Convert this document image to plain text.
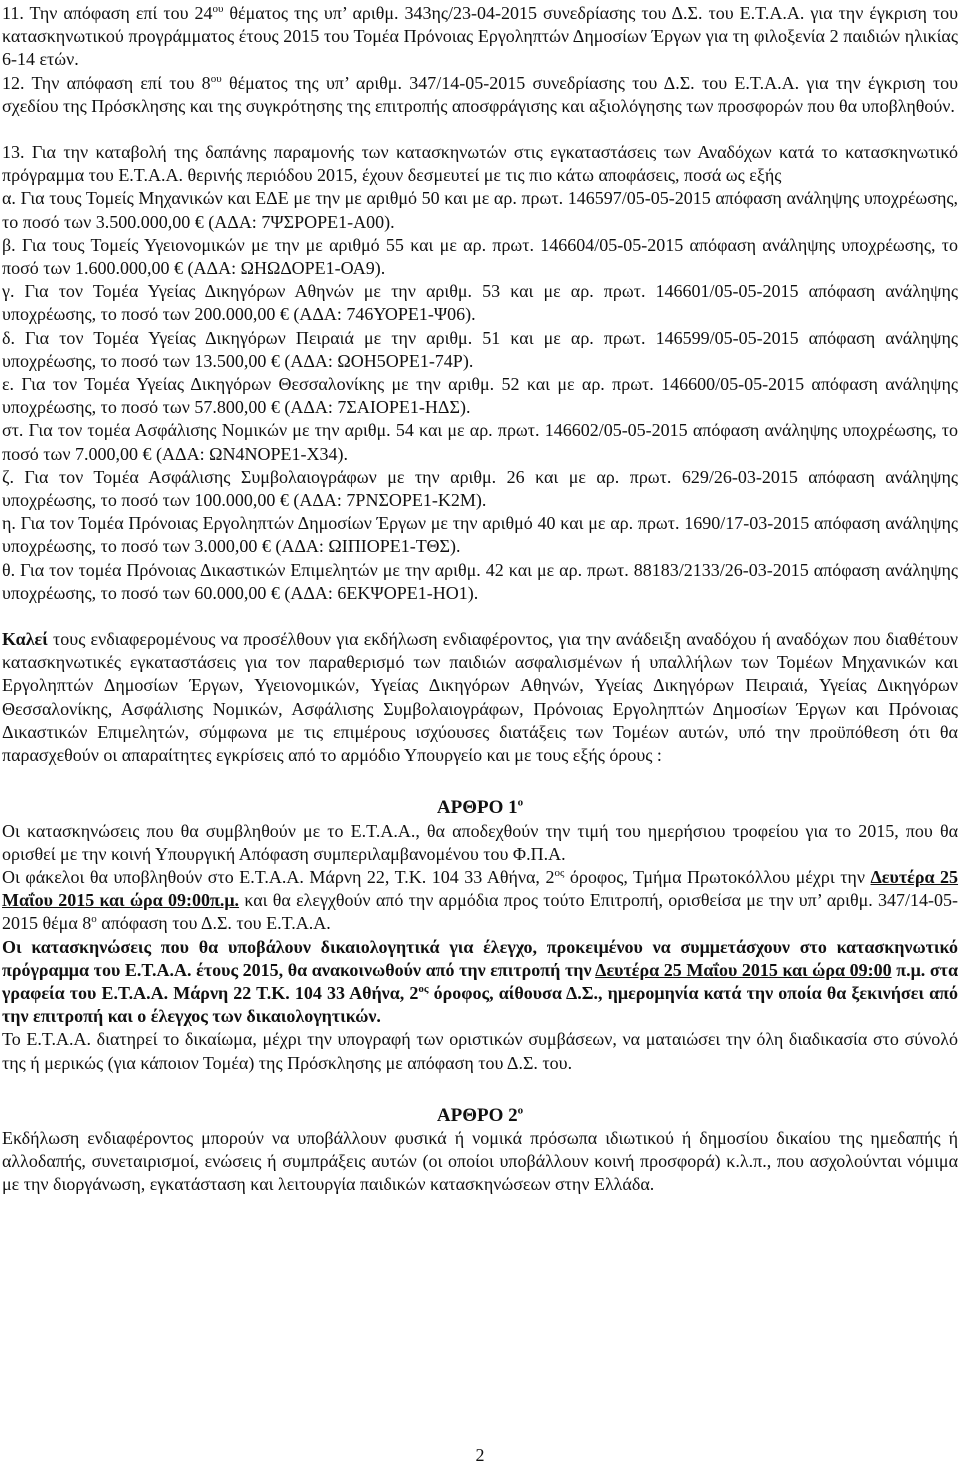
11. Την απόφαση επί του $24^{o\upsilon}$ θέματος της υπ’ αριθμ. 343ης/23-04-2015 συνεδρίασης του Δ.Σ. του Ε.Τ.Α.Α. για την έγκριση του κατασκηνωτικού προγράμματος έτους 2015 του Τομέα Πρόνοιας Εργοληπτών Δημοσίων Έργων για τη φιλοξενία 2 παιδιών ηλικίας 6-14 ετών.

12. Την απόφαση επί του $8^{o\upsilon}$ θέματος της υπ’ αριθμ. 347/14-05-2015 συνεδρίασης του Δ.Σ. του Ε.Τ.Α.Α. για την έγκριση του σχεδίου της Πρόσκλησης και της συγκρότησης της επιτροπής αποσφράγισης και αξιολόγησης των προσφορών που θα υποβληθούν.

13. Για την καταβολή της δαπάνης παραμονής των κατασκηνωτών στις εγκαταστάσεις των Αναδόχων κατά το κατασκηνωτικό πρόγραμμα του Ε.Τ.Α.Α. θερινής περιόδου 2015, έχουν δεσμευτεί με τις πιο κάτω αποφάσεις, ποσά ως εξής

α. Για τους Τομείς Μηχανικών και ΕΔΕ με την με αριθμό 50 και με αρ. πρωτ. 146597/05-05-2015 απόφαση ανάληψης υποχρέωσης, το ποσό των 3.500.000,00 € (ΑΔΑ: 7ΨΣΡΟΡΕ1-Α00).

β. Για τους Τομείς Υγειονομικών με την με αριθμό 55 και με αρ. πρωτ. 146604/05-05-2015 απόφαση ανάληψης υποχρέωσης, το ποσό των 1.600.000,00 € (ΑΔΑ: ΩΗΩΔΟΡΕ1-ΟΑ9).

γ. Για τον Τομέα Υγείας Δικηγόρων Αθηνών με την αριθμ. 53 και με αρ. πρωτ. 146601/05-05-2015 απόφαση ανάληψης υποχρέωσης, το ποσό των 200.000,00 € (ΑΔΑ: 746ΥΟΡΕ1-Ψ06).

δ. Για τον Τομέα Υγείας Δικηγόρων Πειραιά με την αριθμ. 51 και με αρ. πρωτ. 146599/05-05-2015 απόφαση ανάληψης υποχρέωσης, το ποσό των 13.500,00 € (ΑΔΑ: ΩΟΗ5ΟΡΕ1-74Ρ).

ε. Για τον Τομέα Υγείας Δικηγόρων Θεσσαλονίκης με την αριθμ. 52 και με αρ. πρωτ. 146600/05-05-2015 απόφαση ανάληψης υποχρέωσης, το ποσό των 57.800,00 € (ΑΔΑ: 7ΣΑΙΟΡΕ1-ΗΔΣ).

στ. Για τον τομέα Ασφάλισης Νομικών με την αριθμ. 54 και με αρ. πρωτ. 146602/05-05-2015 απόφαση ανάληψης υποχρέωσης, το ποσό των 7.000,00 € (ΑΔΑ: ΩΝ4ΝΟΡΕ1-Χ34).

ζ. Για τον Τομέα Ασφάλισης Συμβολαιογράφων με την αριθμ. 26 και με αρ. πρωτ. 629/26-03-2015 απόφαση ανάληψης υποχρέωσης, το ποσό των 100.000,00 € (ΑΔΑ: 7ΡΝΣΟΡΕ1-Κ2Μ).

η. Για τον Τομέα Πρόνοιας Εργοληπτών Δημοσίων Έργων με την αριθμό 40 και με αρ. πρωτ. 1690/17-03-2015 απόφαση ανάληψης υποχρέωσης, το ποσό των 3.000,00 € (ΑΔΑ: ΩΙΠΙΟΡΕ1-ΤΘΣ).

θ. Για τον τομέα Πρόνοιας Δικαστικών Επιμελητών με την αριθμ. 42 και με αρ. πρωτ. 88183/2133/26-03-2015 απόφαση ανάληψης υποχρέωσης, το ποσό των 60.000,00 € (ΑΔΑ: 6ΕΚΨΟΡΕ1-ΗΟ1).

Καλεί τους ενδιαφερομένους να προσέλθουν για εκδήλωση ενδιαφέροντος, για την ανάδειξη αναδόχου ή αναδόχων που διαθέτουν κατασκηνωτικές εγκαταστάσεις για τον παραθερισμό των παιδιών ασφαλισμένων ή υπαλλήλων των Τομέων Μηχανικών και Εργοληπτών Δημοσίων Έργων, Υγειονομικών, Υγείας Δικηγόρων Αθηνών, Υγείας Δικηγόρων Πειραιά, Υγείας Δικηγόρων Θεσσαλονίκης, Ασφάλισης Νομικών, Ασφάλισης Συμβολαιογράφων, Πρόνοιας Εργοληπτών Δημοσίων Έργων και Πρόνοιας Δικαστικών Επιμελητών, σύμφωνα με τις επιμέρους ισχύουσες διατάξεις των Τομέων αυτών, υπό την προϋπόθεση ότι θα παρασχεθούν οι απαραίτητες εγκρίσεις από το αρμόδιο Υπουργείο και με τους εξής όρους :

ΑΡΘΡΟ $1^o$

Οι κατασκηνώσεις που θα συμβληθούν με το Ε.Τ.Α.Α., θα αποδεχθούν την τιμή του ημερήσιου τροφείου για το 2015, που θα ορισθεί με την κοινή Υπουργική Απόφαση συμπεριλαμβανομένου του Φ.Π.Α.

Οι φάκελοι θα υποβληθούν στο Ε.Τ.Α.Α. Μάρνη 22, Τ.Κ. 104 33 Αθήνα, $2^{o\varsigma}$ όροφος, Τμήμα Πρωτοκόλλου μέχρι την Δευτέρα 25 Μαΐου 2015 και ώρα 09:00π.μ. και θα ελεγχθούν από την αρμόδια προς τούτο Επιτροπή, ορισθείσα με την υπ’ αριθμ. 347/14-05-2015 θέμα $8^o$ απόφαση του Δ.Σ. του Ε.Τ.Α.Α.

Οι κατασκηνώσεις που θα υποβάλουν δικαιολογητικά για έλεγχο, προκειμένου να συμμετάσχουν στο κατασκηνωτικό πρόγραμμα του Ε.Τ.Α.Α. έτους 2015, θα ανακοινωθούν από την επιτροπή την Δευτέρα 25 Μαΐου 2015 και ώρα 09:00 π.μ. στα γραφεία του Ε.Τ.Α.Α. Μάρνη 22 Τ.Κ. 104 33 Αθήνα, $2^{o\varsigma}$ όροφος, αίθουσα Δ.Σ., ημερομηνία κατά την οποία θα ξεκινήσει από την επιτροπή και ο έλεγχος των δικαιολογητικών.

Το Ε.Τ.Α.Α. διατηρεί το δικαίωμα, μέχρι την υπογραφή των οριστικών συμβάσεων, να ματαιώσει την όλη διαδικασία στο σύνολό της ή μερικώς (για κάποιον Τομέα) της Πρόσκλησης με απόφαση του Δ.Σ. του.

ΑΡΘΡΟ $2^o$

Εκδήλωση ενδιαφέροντος μπορούν να υποβάλλουν φυσικά ή νομικά πρόσωπα ιδιωτικού ή δημοσίου δικαίου της ημεδαπής ή αλλοδαπής, συνεταιρισμοί, ενώσεις ή συμπράξεις αυτών (οι οποίοι υποβάλλουν κοινή προσφορά) κ.λ.π., που ασχολούνται νόμιμα με την διοργάνωση, εγκατάσταση και λειτουργία παιδικών κατασκηνώσεων στην Ελλάδα.

2
